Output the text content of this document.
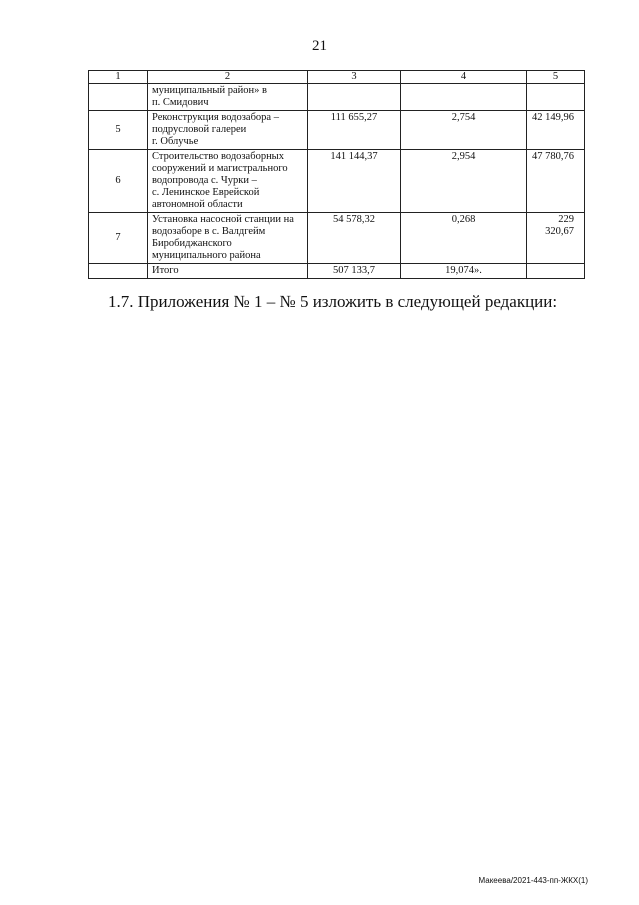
21
1	2	3	4	5

	муниципальный район» в
п. Смидович			

5	Реконструкция водозабора –
подрусловой галереи
г. Облучье	111 655,27	2,754	42 149,96
6	Строительство водозаборных
сооружений и магистрального
водопровода с. Чурки –
с. Ленинское Еврейской
автономной области	141 144,37	2,954	47 780,76
7	Установка насосной станции на
водозаборе в с. Валдгейм
Биробиджанского
муниципального района	54 578,32	0,268	229 320,67
	Итого	507 133,7	19,074».	
1.7. Приложения № 1 – № 5 изложить в следующей редакции:
Макеева/2021-443-пп-ЖКХ(1)
